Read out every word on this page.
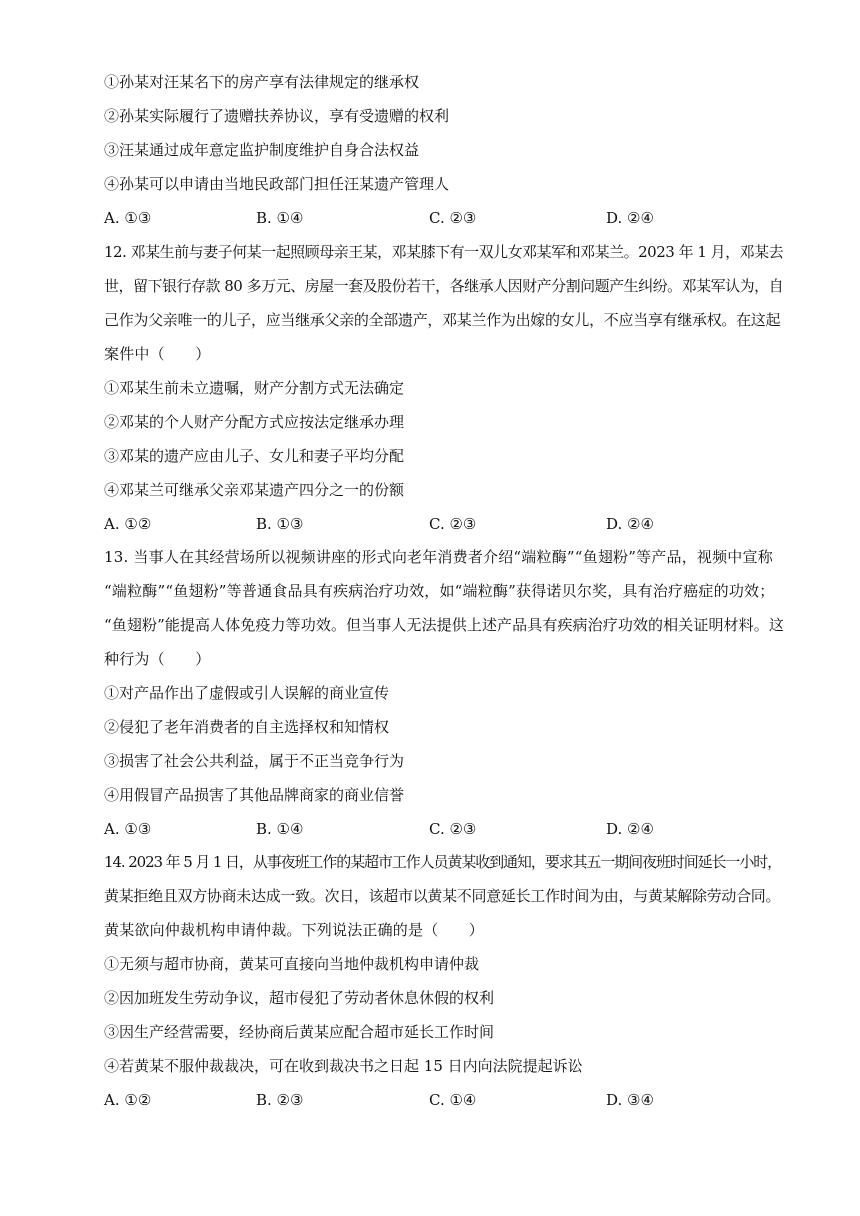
①孙某对汪某名下的房产享有法律规定的继承权
②孙某实际履行了遗赠扶养协议，享有受遗赠的权利
③汪某通过成年意定监护制度维护自身合法权益
④孙某可以申请由当地民政部门担任汪某遗产管理人
A. ①③	B. ①④	C. ②③	D. ②④
12. 邓某生前与妻子何某一起照顾母亲王某，邓某膝下有一双儿女邓某军和邓某兰。2023 年 1 月，邓某去
世，留下银行存款 80 多万元、房屋一套及股份若干，各继承人因财产分割问题产生纠纷。邓某军认为，自
己作为父亲唯一的儿子，应当继承父亲的全部遗产，邓某兰作为出嫁的女儿，不应当享有继承权。在这起
案件中（　　）
①邓某生前未立遗嘱，财产分割方式无法确定
②邓某的个人财产分配方式应按法定继承办理
③邓某的遗产应由儿子、女儿和妻子平均分配
④邓某兰可继承父亲邓某遗产四分之一的份额
A. ①②	B. ①③	C. ②③	D. ②④
13. 当事人在其经营场所以视频讲座的形式向老年消费者介绍“端粒酶”“鱼翅粉”等产品，视频中宣称
“端粒酶”“鱼翅粉”等普通食品具有疾病治疗功效，如“端粒酶”获得诺贝尔奖，具有治疗癌症的功效；
“鱼翅粉”能提高人体免疫力等功效。但当事人无法提供上述产品具有疾病治疗功效的相关证明材料。这
种行为（　　）
①对产品作出了虚假或引人误解的商业宣传
②侵犯了老年消费者的自主选择权和知情权
③损害了社会公共利益，属于不正当竞争行为
④用假冒产品损害了其他品牌商家的商业信誉
A. ①③	B. ①④	C. ②③	D. ②④
14. 2023 年 5 月 1 日，从事夜班工作的某超市工作人员黄某收到通知，要求其五一期间夜班时间延长一小时，
黄某拒绝且双方协商未达成一致。次日，该超市以黄某不同意延长工作时间为由，与黄某解除劳动合同。
黄某欲向仲裁机构申请仲裁。下列说法正确的是（　　）
①无须与超市协商，黄某可直接向当地仲裁机构申请仲裁
②因加班发生劳动争议，超市侵犯了劳动者休息休假的权利
③因生产经营需要，经协商后黄某应配合超市延长工作时间
④若黄某不服仲裁裁决，可在收到裁决书之日起 15 日内向法院提起诉讼
A. ①②	B. ②③	C. ①④	D. ③④
